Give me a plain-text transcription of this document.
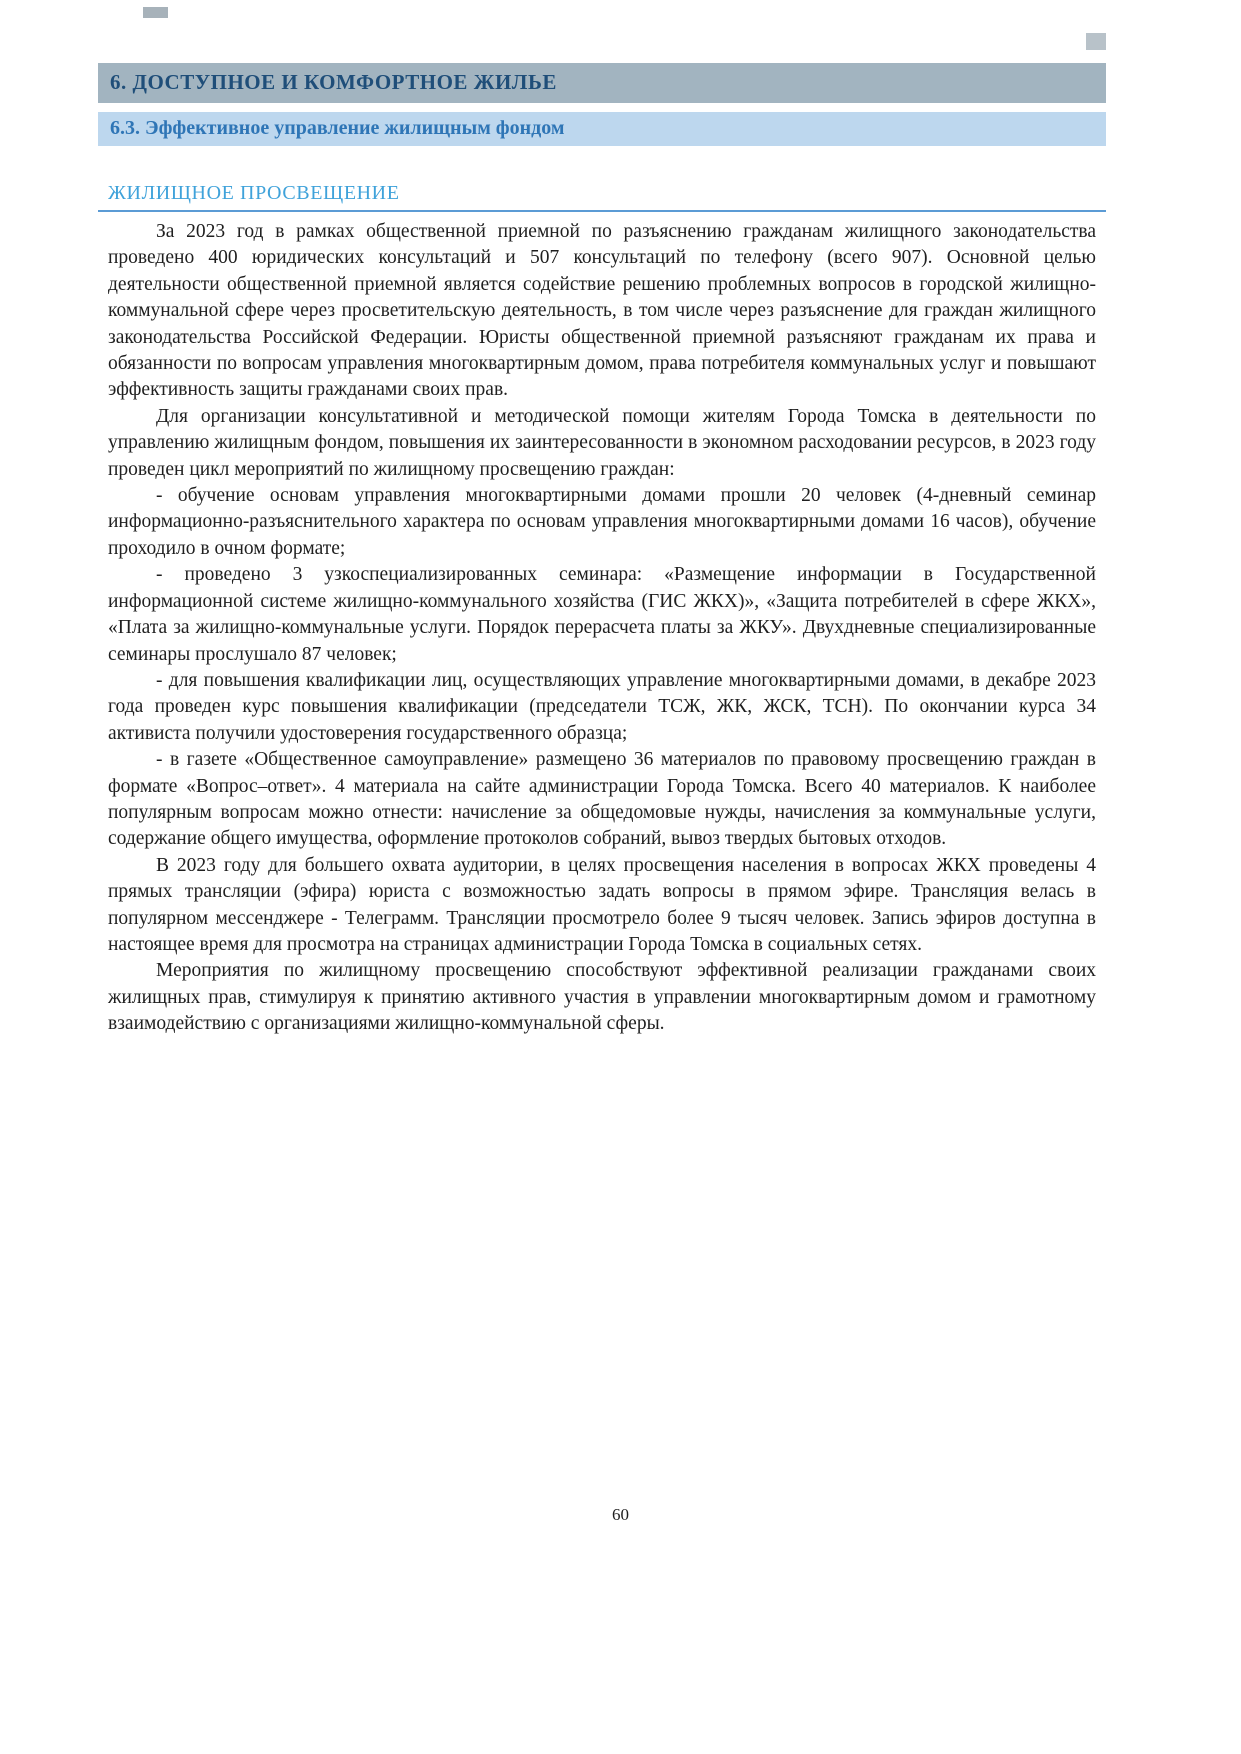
6. ДОСТУПНОЕ И КОМФОРТНОЕ ЖИЛЬЕ
6.3. Эффективное управление жилищным фондом
ЖИЛИЩНОЕ ПРОСВЕЩЕНИЕ

За 2023 год в рамках общественной приемной по разъяснению гражданам жилищного законодательства проведено 400 юридических консультаций и 507 консультаций по телефону (всего 907). Основной целью деятельности общественной приемной является содействие решению проблемных вопросов в городской жилищно-коммунальной сфере через просветительскую деятельность, в том числе через разъяснение для граждан жилищного законодательства Российской Федерации. Юристы общественной приемной разъясняют гражданам их права и обязанности по вопросам управления многоквартирным домом, права потребителя коммунальных услуг и повышают эффективность защиты гражданами своих прав.

Для организации консультативной и методической помощи жителям Города Томска в деятельности по управлению жилищным фондом, повышения их заинтересованности в экономном расходовании ресурсов, в 2023 году проведен цикл мероприятий по жилищному просвещению граждан:

- обучение основам управления многоквартирными домами прошли 20 человек (4-дневный семинар информационно-разъяснительного характера по основам управления многоквартирными домами 16 часов), обучение проходило в очном формате;

- проведено 3 узкоспециализированных семинара: «Размещение информации в Государственной информационной системе жилищно-коммунального хозяйства (ГИС ЖКХ)», «Защита потребителей в сфере ЖКХ», «Плата за жилищно-коммунальные услуги. Порядок перерасчета платы за ЖКУ». Двухдневные специализированные семинары прослушало 87 человек;

- для повышения квалификации лиц, осуществляющих управление многоквартирными домами, в декабре 2023 года проведен курс повышения квалификации (председатели ТСЖ, ЖК, ЖСК, ТСН). По окончании курса 34 активиста получили удостоверения государственного образца;

- в газете «Общественное самоуправление» размещено 36 материалов по правовому просвещению граждан в формате «Вопрос–ответ». 4 материала на сайте администрации Города Томска. Всего 40 материалов. К наиболее популярным вопросам можно отнести: начисление за общедомовые нужды, начисления за коммунальные услуги, содержание общего имущества, оформление протоколов собраний, вывоз твердых бытовых отходов.

В 2023 году для большего охвата аудитории, в целях просвещения населения в вопросах ЖКХ проведены 4 прямых трансляции (эфира) юриста с возможностью задать вопросы в прямом эфире. Трансляция велась в популярном мессенджере - Телеграмм. Трансляции просмотрело более 9 тысяч человек. Запись эфиров доступна в настоящее время для просмотра на страницах администрации Города Томска в социальных сетях.

Мероприятия по жилищному просвещению способствуют эффективной реализации гражданами своих жилищных прав, стимулируя к принятию активного участия в управлении многоквартирным домом и грамотному взаимодействию с организациями жилищно-коммунальной сферы.

60
